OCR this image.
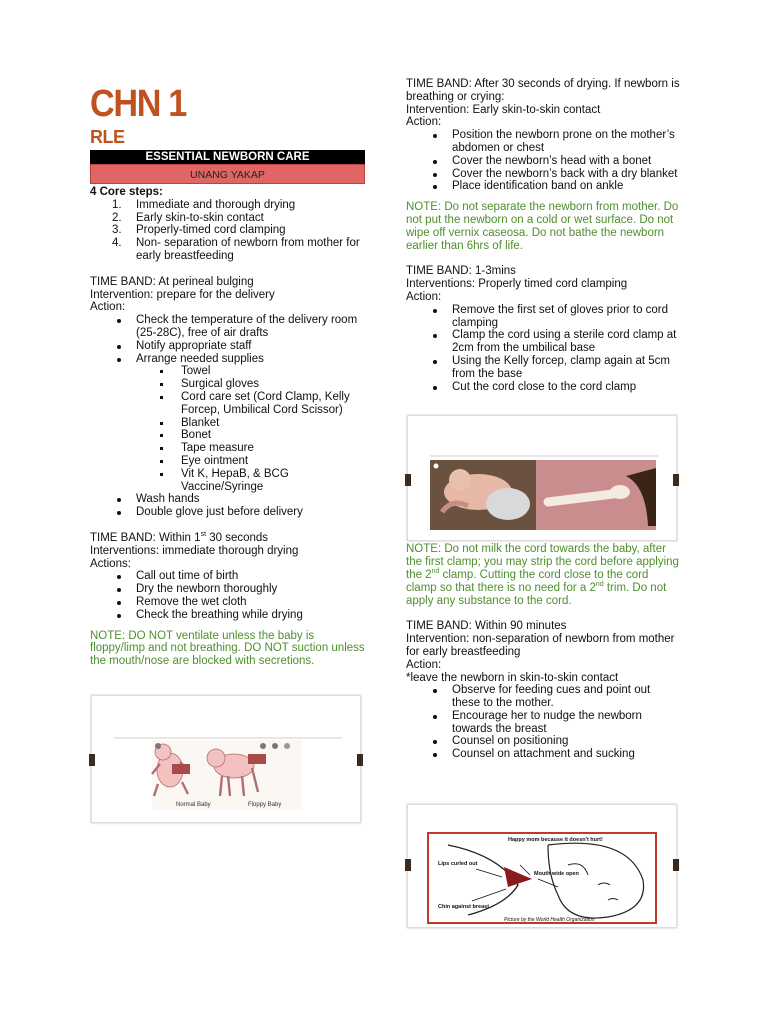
CHN 1
RLE
ESSENTIAL NEWBORN CARE
UNANG YAKAP
4 Core steps:
1. Immediate and thorough drying
2. Early skin-to-skin contact
3. Properly-timed cord clamping
4. Non- separation of newborn from mother for early breastfeeding
TIME BAND: At perineal bulging
Intervention: prepare for the delivery
Action:
Check the temperature of the delivery room (25-28C), free of air drafts
Notify appropriate staff
Arrange needed supplies
Towel
Surgical gloves
Cord care set (Cord Clamp, Kelly Forcep, Umbilical Cord Scissor)
Blanket
Bonet
Tape measure
Eye ointment
Vit K, HepaB, & BCG Vaccine/Syringe
Wash hands
Double glove just before delivery
TIME BAND: Within 1st 30 seconds
Interventions: immediate thorough drying
Actions:
Call out time of birth
Dry the newborn thoroughly
Remove the wet cloth
Check the breathing while drying
NOTE: DO NOT ventilate unless the baby is floppy/limp and not breathing. DO NOT suction unless the mouth/nose are blocked with secretions.
Normal Baby	Floppy Baby
TIME BAND: After 30 seconds of drying. If newborn is breathing or crying:
Intervention: Early skin-to-skin contact
Action:
Position the newborn prone on the mother’s abdomen or chest
Cover the newborn’s head with a bonet
Cover the newborn’s back with a dry blanket
Place identification band on ankle
NOTE: Do not separate the newborn from mother. Do not put the newborn on a cold or wet surface. Do not wipe off vernix caseosa. Do not bathe the newborn earlier than 6hrs of life.
TIME BAND: 1-3mins
Interventions: Properly timed cord clamping
Action:
Remove the first set of gloves prior to cord clamping
Clamp the cord using a sterile cord clamp at 2cm from the umbilical base
Using the Kelly forcep, clamp again at 5cm from the base
Cut the cord close to the cord clamp
NOTE: Do not milk the cord towards the baby, after the first clamp; you may strip the cord before applying the 2nd clamp. Cutting the cord close to the cord clamp so that there is no need for a 2nd trim. Do not apply any substance to the cord.
TIME BAND: Within 90 minutes
Intervention: non-separation of newborn from mother for early breastfeeding
Action:
*leave the newborn in skin-to-skin contact
Observe for feeding cues and point out these to the mother.
Encourage her to nudge the newborn towards the breast
Counsel on positioning
Counsel on attachment and sucking
Happy mom because it doesn't hurt!
Lips curled out
Mouth wide open
Chin against breast
Picture by the World Health Organization
